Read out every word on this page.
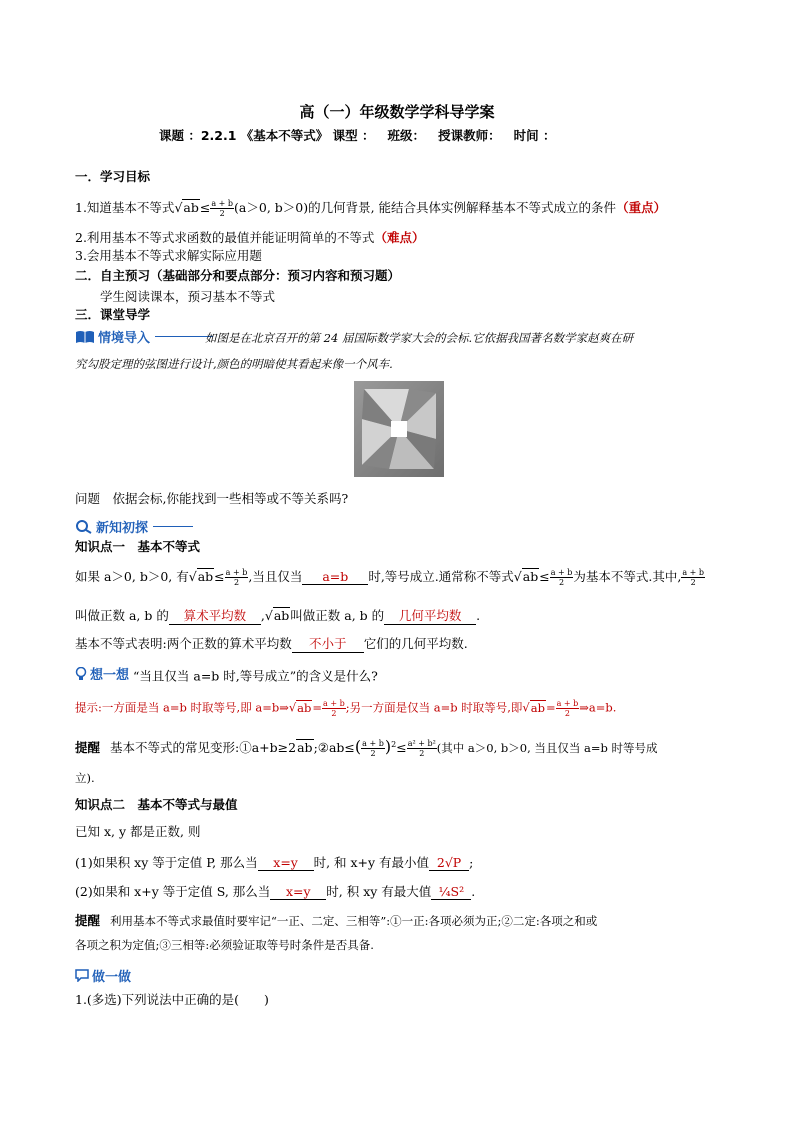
高（一）年级数学学科导学案
课题 ：2.2.1 《基本不等式》 课型 ：   班级：   授课教师：   时间 ：
一．学习目标
1.知道基本不等式$√ab\le \frac{a + b}{2} (a>0$, b＞0)的几何背景, 能结合具体实例解释基本不等式成立的条件（重点）
2.利用基本不等式求函数的最值并能证明简单的不等式（难点）
3.会用基本不等式求解实际应用题
二．自主预习（基础部分和要点部分：预习内容和预习题）
学生阅读课本，预习基本不等式
三．课堂导学
情境导入	如图是在北京召开的第 24 届国际数学家大会的会标.它依据我国著名数学家赵爽在研
究勾股定理的弦图进行设计,颜色的明暗使其看起来像一个风车.
问题　依据会标,你能找到一些相等或不等关系吗?
新知初探
知识点一　基本不等式
如果 a＞0, b＞0, 有$√ab\le \frac{a + b}{2}$ ,当且仅当 a=b 时,等号成立.通常称不等式$√ab\le \frac{a + b}{2}$ 为基本不等式.其中, $\frac{a + b}{2}$
叫做正数 a, b 的 算术平均数 ,√ab叫做正数 a, b 的 几何平均数 .
基本不等式表明:两个正数的算术平均数 不小于 它们的几何平均数.
想一想 “当且仅当 a=b 时,等号成立”的含义是什么?
提示:一方面是当 a=b 时取等号,即 a=b⇒√ab= $\frac{a + b}{2}$ ;另一方面是仅当 a=b 时取等号,即$√ab= \frac{a + b}{2}$ ⇒a=b.
提醒 基本不等式的常见变形:①a+b≥2ab;②ab≤( $\frac{a + b}{2} )^2\le \frac{\text{a² + b²}}{2}$ (其中 a＞0, b＞0, 当且仅当 a=b 时等号成
立).
知识点二　基本不等式与最值
已知 x, y 都是正数, 则
(1)如果积 xy 等于定值 P, 那么当 x=y 时, 和 x+y 有最小值 2√P ;
(2)如果和 x+y 等于定值 S, 那么当 x=y 时, 积 xy 有最大值 ¼S² .
提醒 利用基本不等式求最值时要牢记“一正、二定、三相等”:①一正:各项必须为正;②二定:各项之和或
各项之积为定值;③三相等:必须验证取等号时条件是否具备.
做一做
1.(多选)下列说法中正确的是(　　)
